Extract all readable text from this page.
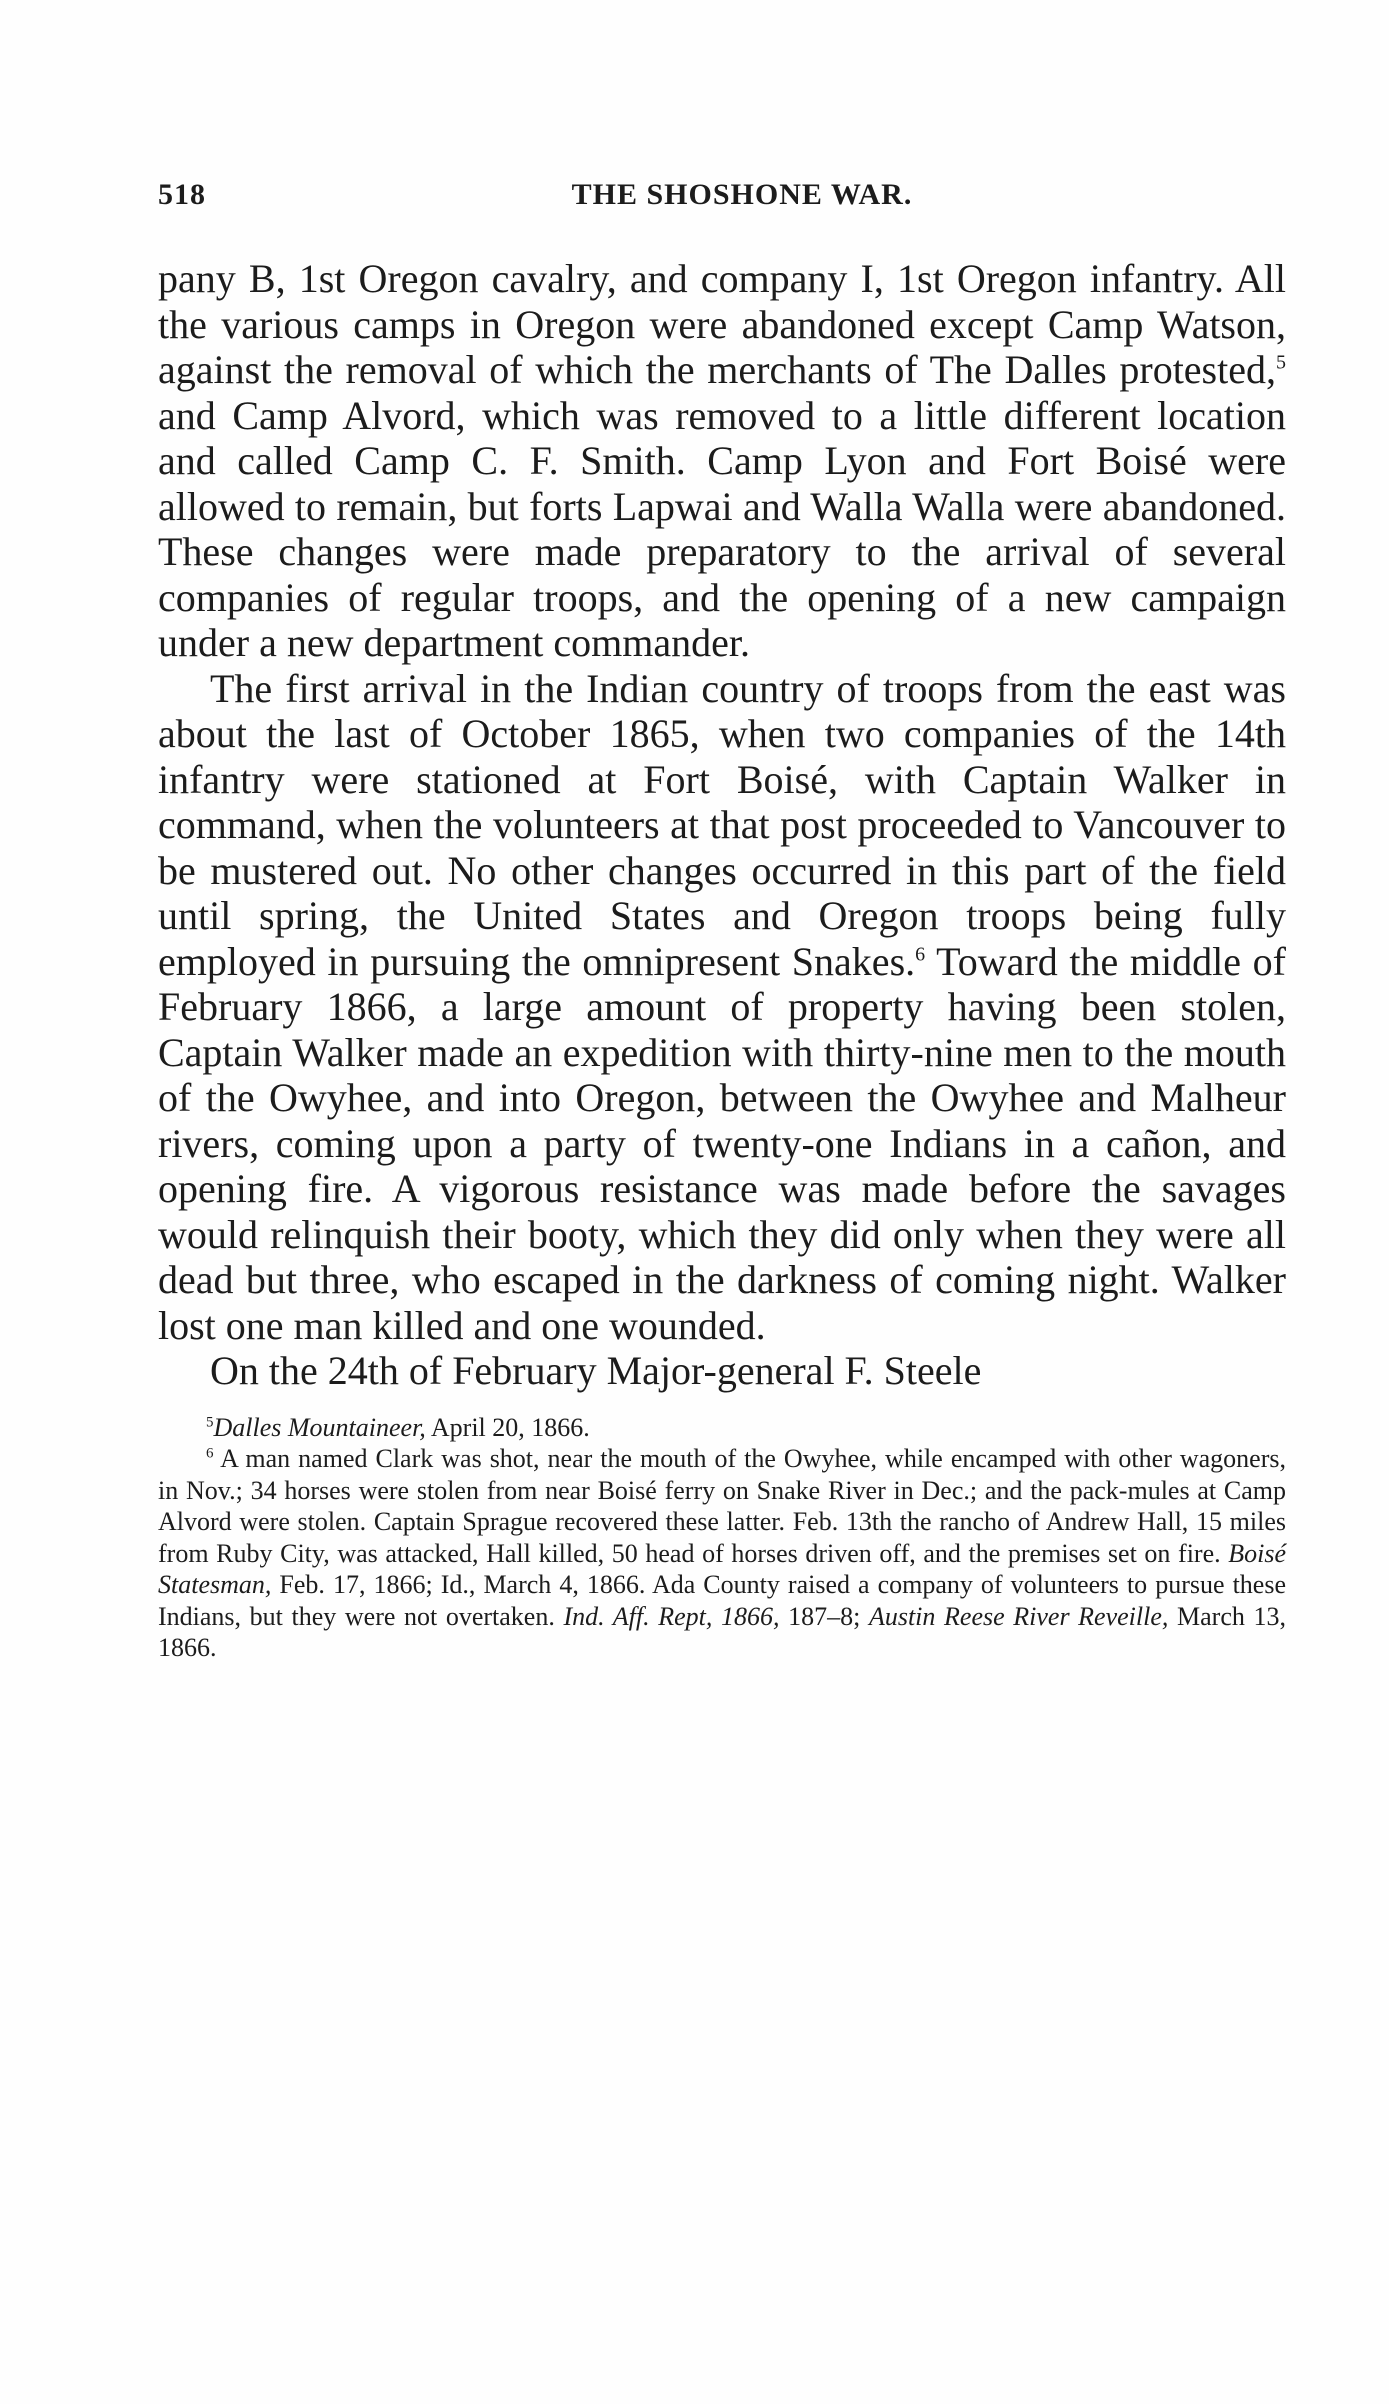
518	THE SHOSHONE WAR.

pany B, 1st Oregon cavalry, and company I, 1st Oregon infantry. All the various camps in Oregon were abandoned except Camp Watson, against the removal of which the merchants of The Dalles protested,$^5$ and Camp Alvord, which was removed to a little different location and called Camp C. F. Smith. Camp Lyon and Fort Boisé were allowed to remain, but forts Lapwai and Walla Walla were abandoned. These changes were made preparatory to the arrival of several companies of regular troops, and the opening of a new campaign under a new department commander.

The first arrival in the Indian country of troops from the east was about the last of October 1865, when two companies of the 14th infantry were stationed at Fort Boisé, with Captain Walker in command, when the volunteers at that post proceeded to Vancouver to be mustered out. No other changes occurred in this part of the field until spring, the United States and Oregon troops being fully employed in pursuing the omnipresent Snakes.$^6$ Toward the middle of February 1866, a large amount of property having been stolen, Captain Walker made an expedition with thirty-nine men to the mouth of the Owyhee, and into Oregon, between the Owyhee and Malheur rivers, coming upon a party of twenty-one Indians in a cañon, and opening fire. A vigorous resistance was made before the savages would relinquish their booty, which they did only when they were all dead but three, who escaped in the darkness of coming night. Walker lost one man killed and one wounded.

On the 24th of February Major-general F. Steele

$^5$Dalles Mountaineer, April 20, 1866.

$^6$ A man named Clark was shot, near the mouth of the Owyhee, while encamped with other wagoners, in Nov.; 34 horses were stolen from near Boisé ferry on Snake River in Dec.; and the pack-mules at Camp Alvord were stolen. Captain Sprague recovered these latter. Feb. 13th the rancho of Andrew Hall, 15 miles from Ruby City, was attacked, Hall killed, 50 head of horses driven off, and the premises set on fire. Boisé Statesman, Feb. 17, 1866; Id., March 4, 1866. Ada County raised a company of volunteers to pursue these Indians, but they were not overtaken. Ind. Aff. Rept, 1866, 187–8; Austin Reese River Reveille, March 13, 1866.
